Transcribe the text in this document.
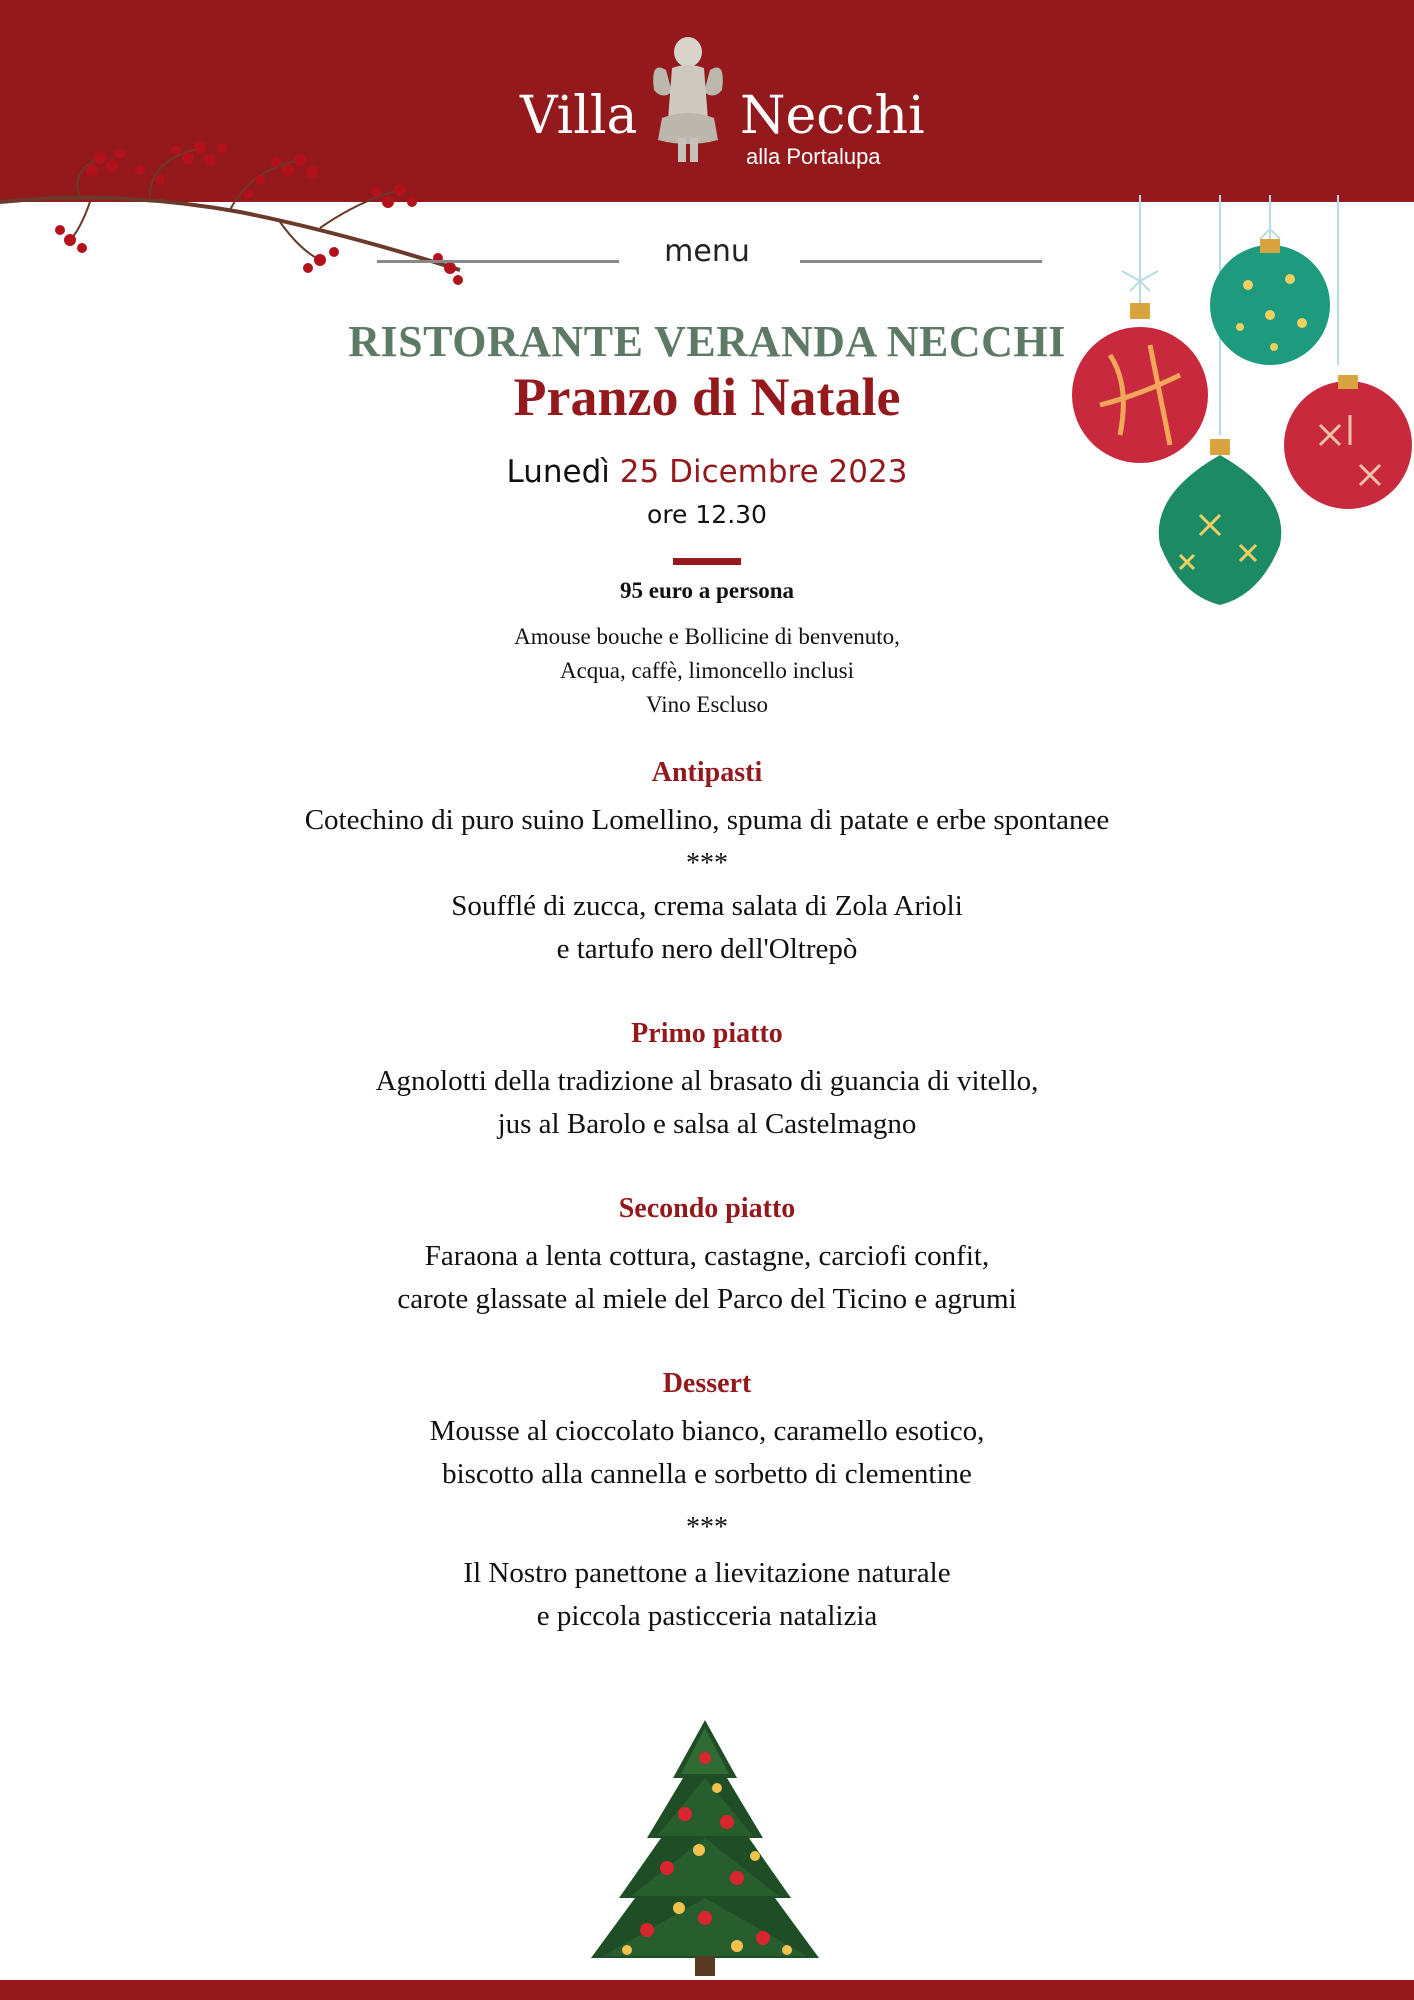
Villa Necchi
alla Portalupa
menu
RISTORANTE VERANDA NECCHI
Pranzo di Natale
Lunedì 25 Dicembre 2023
ore 12.30
95 euro a persona
Amouse bouche e Bollicine di benvenuto,
Acqua, caffè, limoncello inclusi
Vino Escluso
Antipasti
Cotechino di puro suino Lomellino, spuma di patate e erbe spontanee
***
Soufflé di zucca, crema salata di Zola Arioli
e tartufo nero dell'Oltrepò
Primo piatto
Agnolotti della tradizione al brasato di guancia di vitello,
jus al Barolo e salsa al Castelmagno
Secondo piatto
Faraona a lenta cottura, castagne, carciofi confit,
carote glassate al miele del Parco del Ticino e agrumi
Dessert
Mousse al cioccolato bianco, caramello esotico,
biscotto alla cannella e sorbetto di clementine
***
Il Nostro panettone a lievitazione naturale
e piccola pasticceria natalizia
